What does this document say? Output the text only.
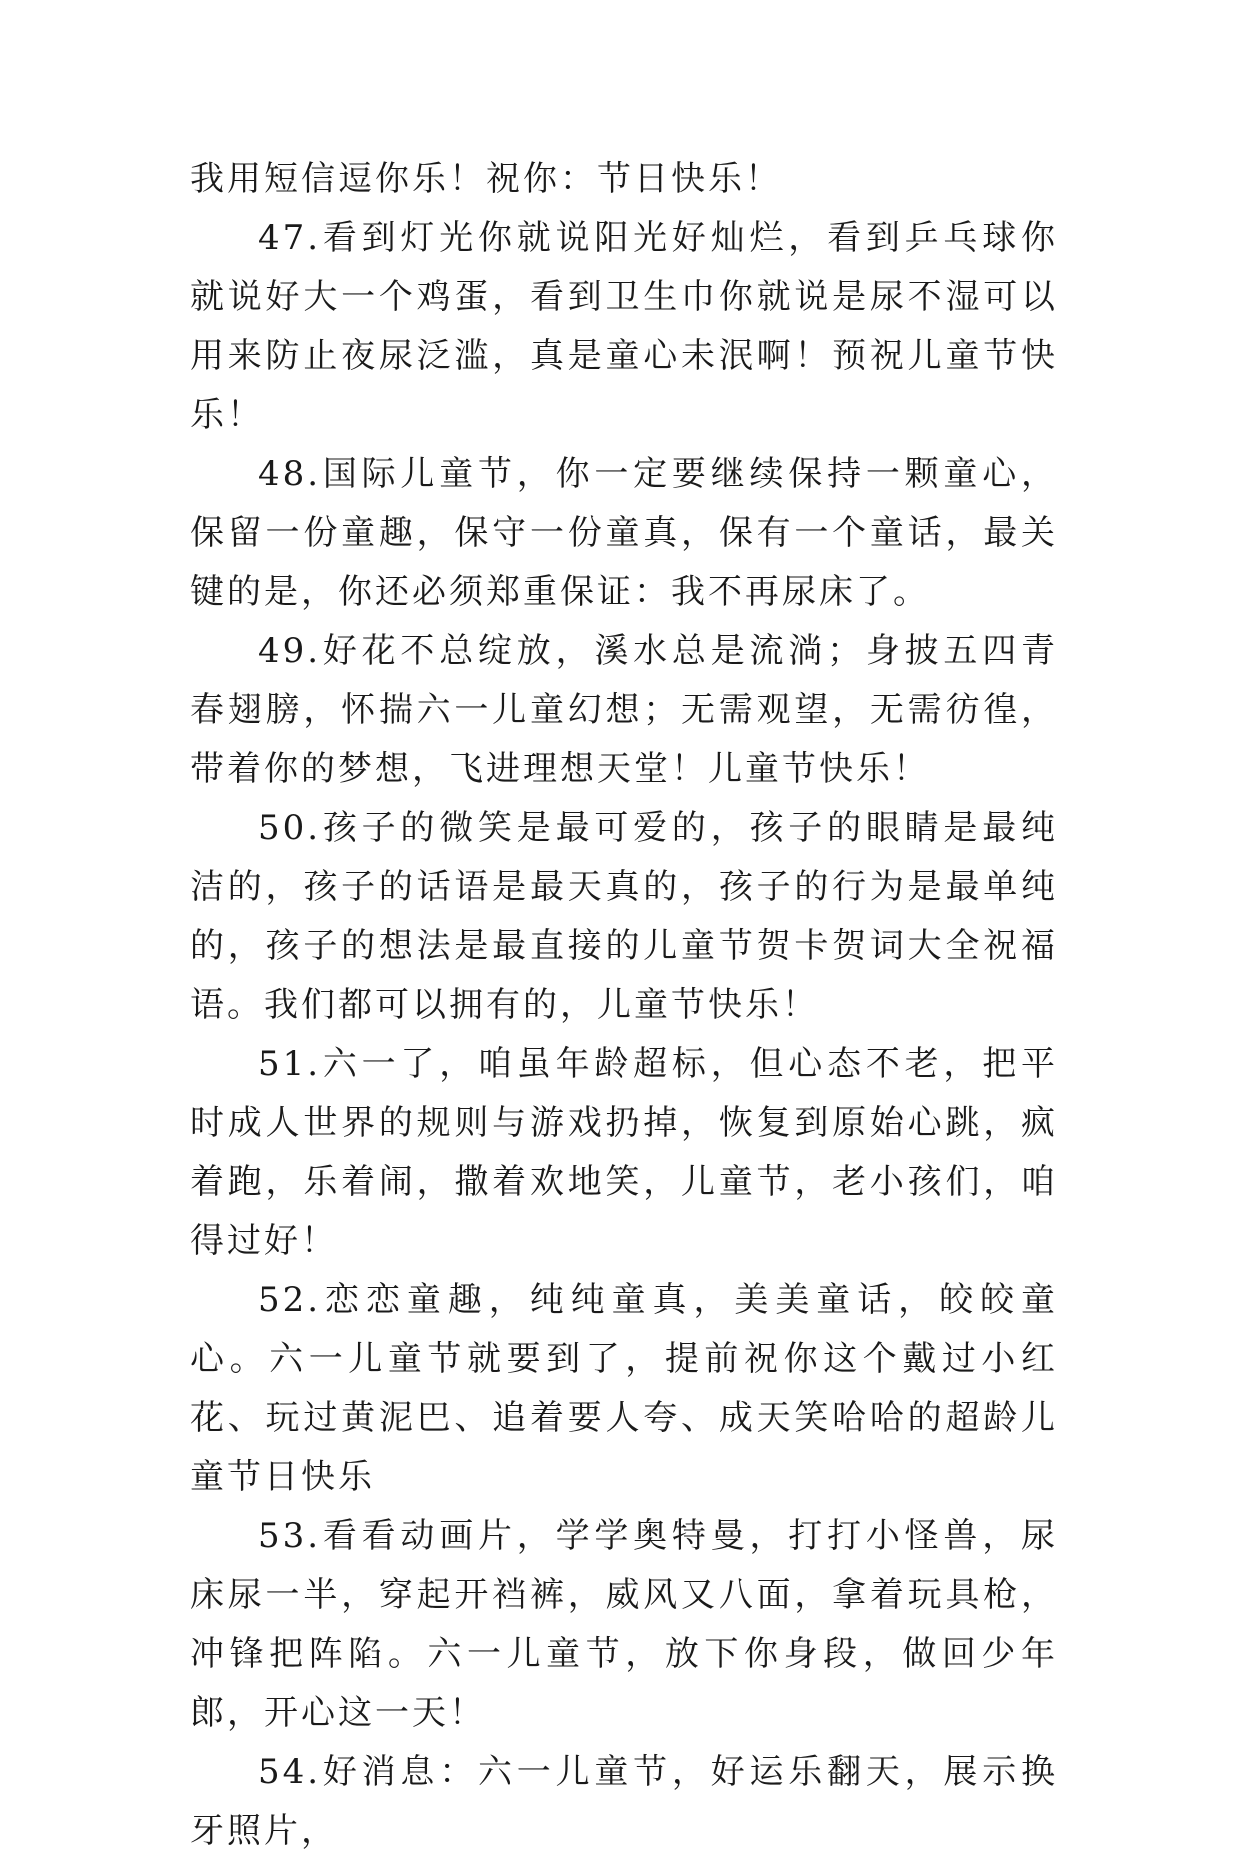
我用短信逗你乐！祝你：节日快乐！

47.看到灯光你就说阳光好灿烂，看到乒乓球你就说好大一个鸡蛋，看到卫生巾你就说是尿不湿可以用来防止夜尿泛滥，真是童心未泯啊！预祝儿童节快乐！

48.国际儿童节，你一定要继续保持一颗童心，保留一份童趣，保守一份童真，保有一个童话，最关键的是，你还必须郑重保证：我不再尿床了。

49.好花不总绽放，溪水总是流淌；身披五四青春翅膀，怀揣六一儿童幻想；无需观望，无需彷徨，带着你的梦想，飞进理想天堂！儿童节快乐！

50.孩子的微笑是最可爱的，孩子的眼睛是最纯洁的，孩子的话语是最天真的，孩子的行为是最单纯的，孩子的想法是最直接的儿童节贺卡贺词大全祝福语。我们都可以拥有的，儿童节快乐！

51.六一了，咱虽年龄超标，但心态不老，把平时成人世界的规则与游戏扔掉，恢复到原始心跳，疯着跑，乐着闹，撒着欢地笑，儿童节，老小孩们，咱得过好！

52.恋恋童趣，纯纯童真，美美童话，皎皎童心。六一儿童节就要到了，提前祝你这个戴过小红花、玩过黄泥巴、追着要人夸、成天笑哈哈的超龄儿童节日快乐

53.看看动画片，学学奥特曼，打打小怪兽，尿床尿一半，穿起开裆裤，威风又八面，拿着玩具枪，冲锋把阵陷。六一儿童节，放下你身段，做回少年郎，开心这一天！

54.好消息：六一儿童节，好运乐翻天，展示换牙照片，
